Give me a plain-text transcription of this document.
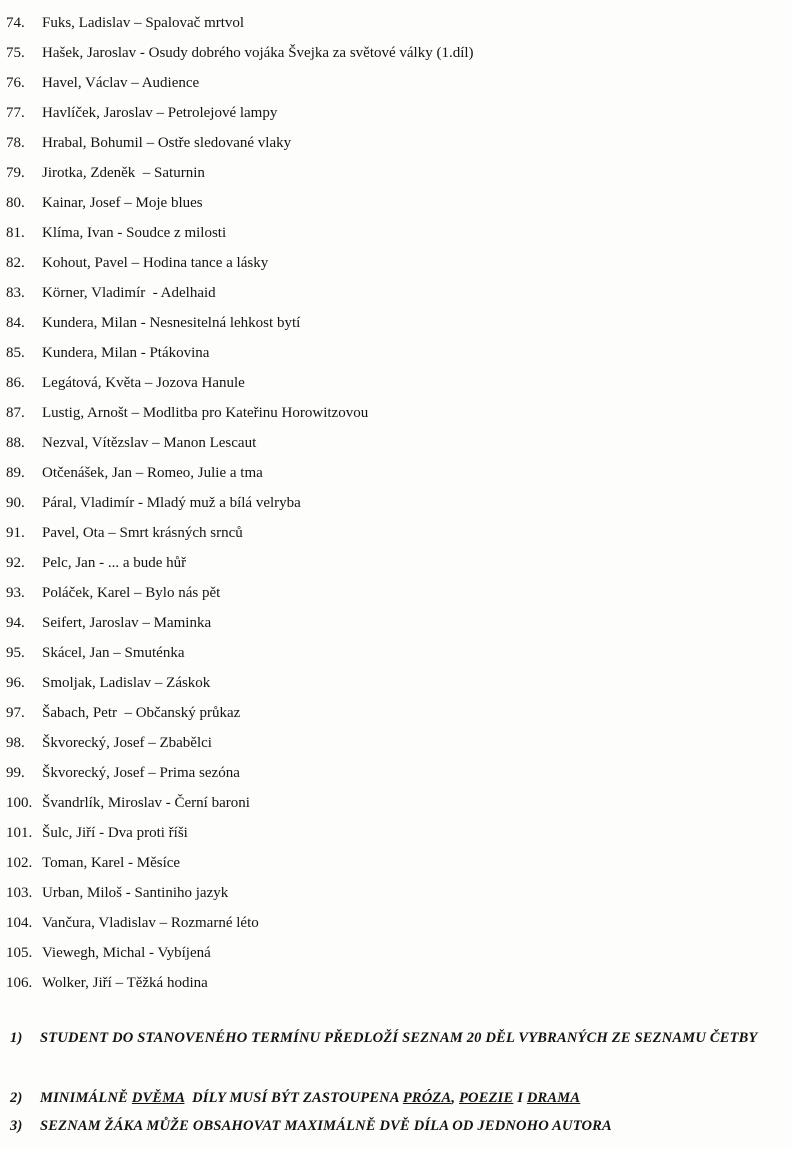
74. Fuks, Ladislav – Spalovač mrtvol
75. Hašek, Jaroslav - Osudy dobrého vojáka Švejka za světové války (1.díl)
76. Havel, Václav – Audience
77. Havlíček, Jaroslav – Petrolejové lampy
78. Hrabal, Bohumil – Ostře sledované vlaky
79. Jirotka, Zdeněk  – Saturnin
80. Kainar, Josef – Moje blues
81. Klíma, Ivan - Soudce z milosti
82. Kohout, Pavel – Hodina tance a lásky
83. Körner, Vladimír  - Adelhaid
84. Kundera, Milan - Nesnesitelná lehkost bytí
85. Kundera, Milan - Ptákovina
86. Legátová, Květa – Jozova Hanule
87. Lustig, Arnošt – Modlitba pro Kateřinu Horowitzovou
88. Nezval, Vítězslav – Manon Lescaut
89. Otčenášek, Jan – Romeo, Julie a tma
90. Páral, Vladimír - Mladý muž a bílá velryba
91. Pavel, Ota – Smrt krásných srnců
92. Pelc, Jan - ... a bude hůř
93. Poláček, Karel – Bylo nás pět
94. Seifert, Jaroslav – Maminka
95. Skácel, Jan – Smuténka
96. Smoljak, Ladislav – Záskok
97. Šabach, Petr  – Občanský průkaz
98. Škvorecký, Josef – Zbabělci
99. Škvorecký, Josef – Prima sezóna
100. Švandrlík, Miroslav - Černí baroni
101. Šulc, Jiří - Dva proti říši
102. Toman, Karel - Měsíce
103. Urban, Miloš - Santiniho jazyk
104. Vančura, Vladislav – Rozmarné léto
105. Viewegh, Michal - Vybíjená
106. Wolker, Jiří – Těžká hodina
1)	STUDENT DO STANOVENÉHO TERMÍNU PŘEDLOŽÍ SEZNAM 20 DĚL VYBRANÝCH ZE SEZNAMU ČETBY
2)	MINIMÁLNĚ DVĚMA  DÍLY MUSÍ BÝT ZASTOUPENA PRÓZA, POEZIE I DRAMA
3)	SEZNAM ŽÁKA MŮŽE OBSAHOVAT MAXIMÁLNĚ DVĚ DÍLA OD JEDNOHO AUTORA
